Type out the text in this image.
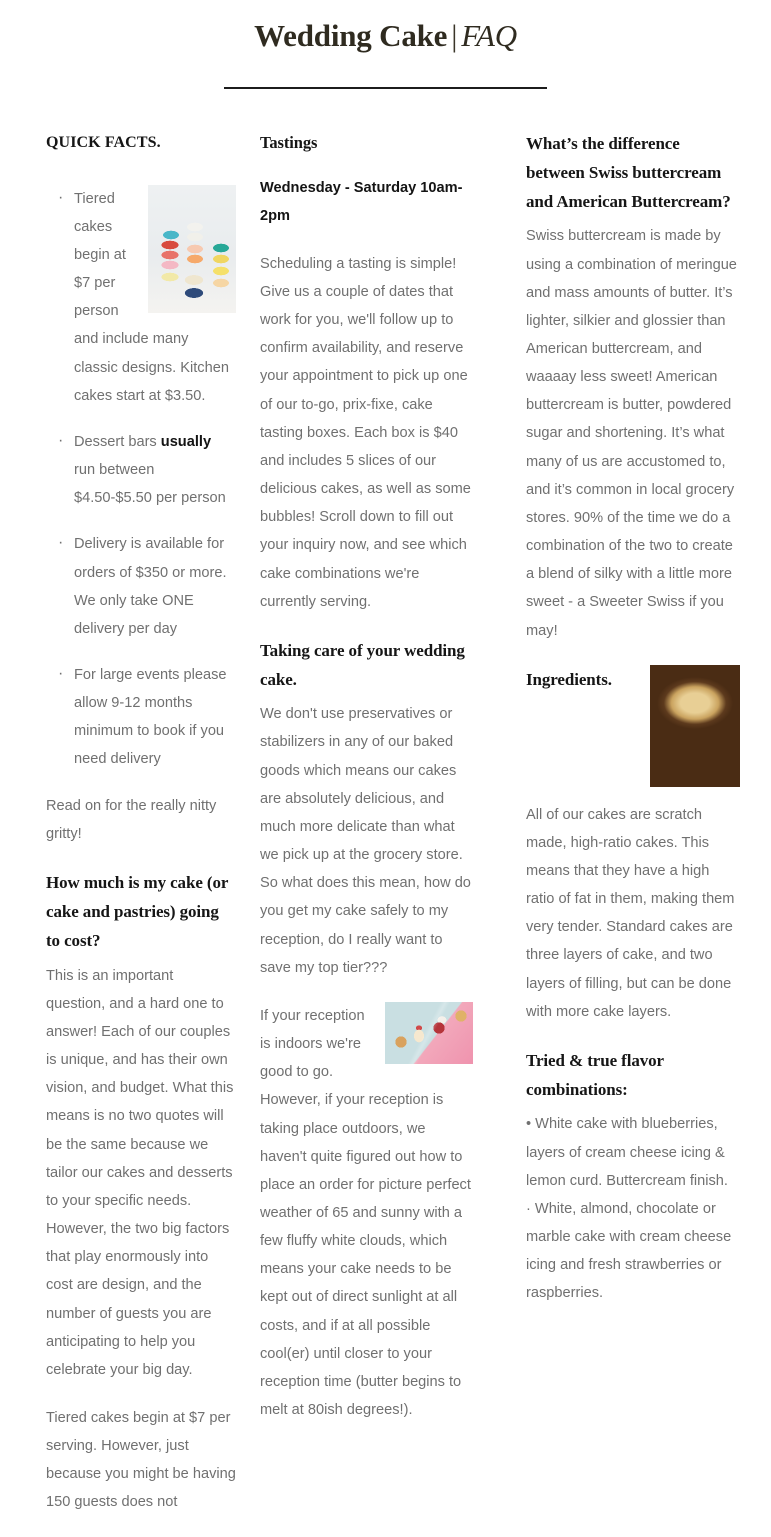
Wedding Cake | FAQ
QUICK FACTS.
· Tiered cakes begin at $7 per person and include many classic designs. Kitchen cakes start at $3.50.
· Dessert bars usually run between $4.50-$5.50 per person
· Delivery is available for orders of $350 or more. We only take ONE delivery per day
· For large events please allow 9-12 months minimum to book if you need delivery

Read on for the really nitty gritty!

How much is my cake (or cake and pastries) going to cost?

This is an important question, and a hard one to answer! Each of our couples is unique, and has their own vision, and budget. What this means is no two quotes will be the same because we tailor our cakes and desserts to your specific needs. However, the two big factors that play enormously into cost are design, and the number of guests you are anticipating to help you celebrate your big day.

Tiered cakes begin at $7 per serving. However, just because you might be having 150 guests does not

Tastings

Wednesday - Saturday 10am-2pm

Scheduling a tasting is simple! Give us a couple of dates that work for you, we'll follow up to confirm availability, and reserve your appointment to pick up one of our to-go, prix-fixe, cake tasting boxes. Each box is $40 and includes 5 slices of our delicious cakes, as well as some bubbles! Scroll down to fill out your inquiry now, and see which cake combinations we're currently serving.

Taking care of your wedding cake.

We don't use preservatives or stabilizers in any of our baked goods which means our cakes are absolutely delicious, and much more delicate than what we pick up at the grocery store. So what does this mean, how do you get my cake safely to my reception, do I really want to save my top tier???

If your reception is indoors we're good to go. However, if your reception is taking place outdoors, we haven't quite figured out how to place an order for picture perfect weather of 65 and sunny with a few fluffy white clouds, which means your cake needs to be kept out of direct sunlight at all costs, and if at all possible cool(er) until closer to your reception time (butter begins to melt at 80ish degrees!).

What’s the difference between Swiss buttercream and American Buttercream?

Swiss buttercream is made by using a combination of meringue and mass amounts of butter. It’s lighter, silkier and glossier than American buttercream, and waaaay less sweet! American buttercream is butter, powdered sugar and shortening. It’s what many of us are accustomed to, and it’s common in local grocery stores. 90% of the time we do a combination of the two to create a blend of silky with a little more sweet - a Sweeter Swiss if you may!

Ingredients.

All of our cakes are scratch made, high-ratio cakes. This means that they have a high ratio of fat in them, making them very tender. Standard cakes are three layers of cake, and two layers of filling, but can be done with more cake layers.

Tried & true flavor combinations:

• White cake with blueberries, layers of cream cheese icing & lemon curd. Buttercream finish.

· White, almond, chocolate or marble cake with cream cheese icing and fresh strawberries or raspberries.
